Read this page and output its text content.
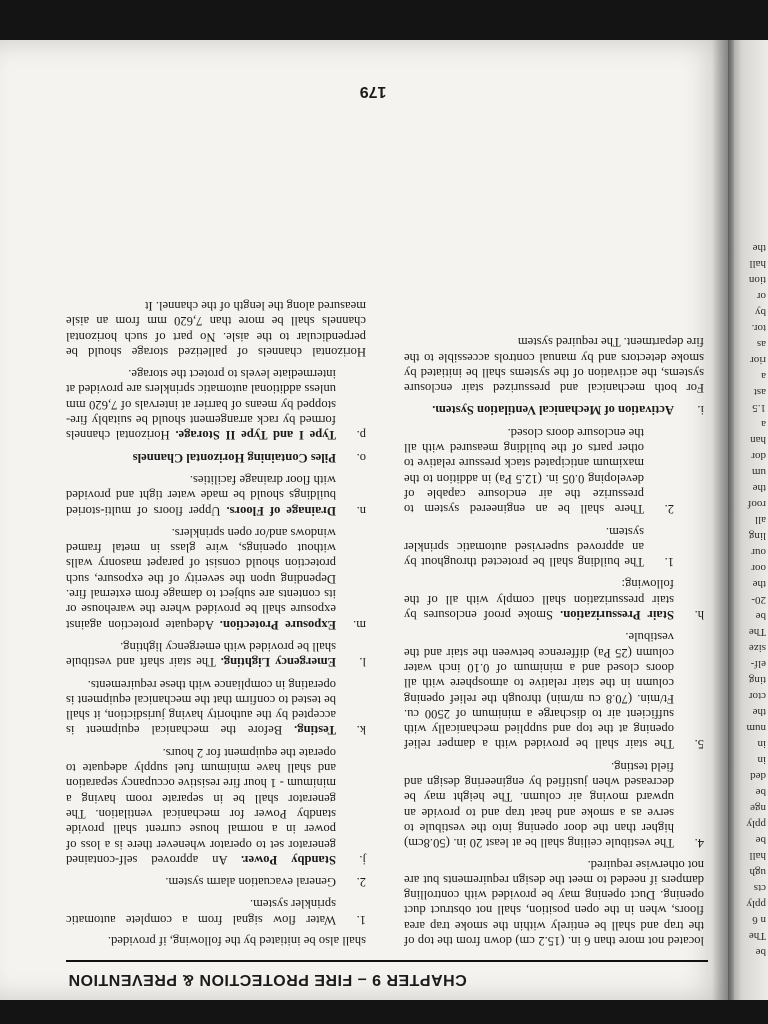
CHAPTER 9 – FIRE PROTECTION & PREVENTION

located not more than 6 in. (15.2 cm) down from the top of the trap and shall be entirely within the smoke trap area floors, when in the open position, shall not obstruct duct opening. Duct opening may be provided with controlling dampers if needed to meet the design requirements but are not otherwise required.

4.
The vestibule ceiling shall be at least 20 in. (50.8cm) higher than the door opening into the vestibule to serve as a smoke and heat trap and to provide an upward moving air column. The height may be decreased when justified by engineering design and field testing.
5.
The stair shall be provided with a damper relief opening at the top and supplied mechanically with sufficient air to discharge a minimum of 2500 cu. Ft/min. (70.8 cu m/min) through the relief opening column in the stair relative to atmosphere with all doors closed and a minimum of 0.10 inch water column (25 Pa) difference between the stair and the vestibule.
h.
Stair Pressurization. Smoke proof enclosures by stair pressurization shall comply with all of the following:
1.
The building shall be protected throughout by an approved supervised automatic sprinkler system.
2.
There shall be an engineered system to pressurize the air enclosure capable of developing 0.05 in. (12.5 Pa) in addition to the maximum anticipated stack pressure relative to other parts of the building measured with all the enclosure doors closed.
i.
Activation of Mechanical Ventilation System.

For both mechanical and pressurized stair enclosure systems, the activation of the systems shall be initiated by smoke detectors and by manual controls accessible to the fire department. The required system

shall also be initiated by the following, if provided.

1.
Water flow signal from a complete automatic sprinkler system.
2.
General evacuation alarm system.
j.
Standby Power. An approved self-contained generator set to operator whenever there is a loss of power in a normal house current shall provide standby Power for mechanical ventilation. The generator shall be in separate room having a minimum - 1 hour fire resistive occupancy separation and shall have minimum fuel supply adequate to operate the equipment for 2 hours.
k.
Testing. Before the mechanical equipment is accepted by the authority having jurisdiction, it shall be tested to confirm that the mechanical equipment is operating in compliance with these requirements.
l.
Emergency Lighting. The stair shaft and vestibule shall be provided with emergency lighting.
m.
Exposure Protection. Adequate protection against exposure shall be provided where the warehouse or its contents are subject to damage from external fire. Depending upon the severity of the exposure, such protection should consist of parapet masonry walls without openings, wire glass in metal framed windows and/or open sprinklers.
n.
Drainage of Floors. Upper floors of multi-storied buildings should be made water tight and provided with floor drainage facilities.
o.
Piles Containing Horizontal Channels
p.
Type I and Type II Storage. Horizontal channels formed by rack arrangement should be suitably fire-stopped by means of barrier at intervals of 7,620 mm unless additional automatic sprinklers are provided at intermediate levels to protect the storage.

Horizontal channels of palletized storage should be perpendicular to the aisle. No part of such horizontal channels shall be more than 7,620 mm from an aisle measured along the length of the channel. It

179
be
The
n 6
pply
cts
ugh
hall
be
pply
nge
be
ded
in
in
num
the
ctor
ting
elf-
size
The
be
20-
the
oor
our
ling
all
roof
the
um
dor
han
a
1.5
ast
a
rior
as
tor.
by
or
tion
hall
the
